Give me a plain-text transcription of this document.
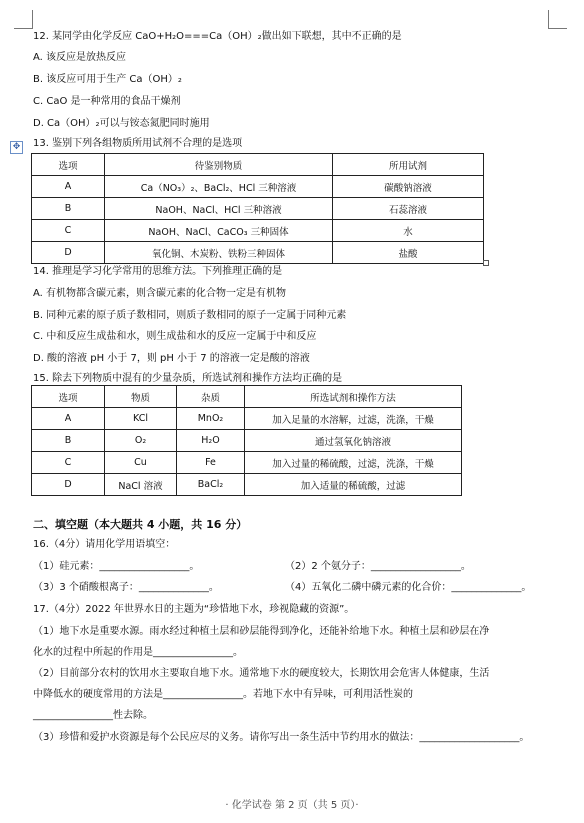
12. 某同学由化学反应 CaO+H₂O===Ca（OH）₂做出如下联想，其中不正确的是
A. 该反应是放热反应
B. 该反应可用于生产 Ca（OH）₂
C. CaO 是一种常用的食品干燥剂
D. Ca（OH）₂可以与铵态氮肥同时施用
✥ 13. 鉴别下列各组物质所用试剂不合理的是选项
选项	待鉴别物质	所用试剂
A	Ca（NO₃）₂、BaCl₂、HCl 三种溶液	碳酸钠溶液
B	NaOH、NaCl、HCl 三种溶液	石蕊溶液
C	NaOH、NaCl、CaCO₃ 三种固体	水
D	氧化铜、木炭粉、铁粉三种固体	盐酸
14. 推理是学习化学常用的思维方法。下列推理正确的是
A. 有机物都含碳元素，则含碳元素的化合物一定是有机物
B. 同种元素的原子质子数相同，则质子数相同的原子一定属于同种元素
C. 中和反应生成盐和水，则生成盐和水的反应一定属于中和反应
D. 酸的溶液 pH 小于 7，则 pH 小于 7 的溶液一定是酸的溶液
15. 除去下列物质中混有的少量杂质，所选试剂和操作方法均正确的是
选项	物质	杂质	所选试剂和操作方法
A	KCl	MnO₂	加入足量的水溶解，过滤，洗涤，干燥
B	O₂	H₂O	通过氢氧化钠溶液
C	Cu	Fe	加入过量的稀硫酸，过滤，洗涤，干燥
D	NaCl 溶液	BaCl₂	加入适量的稀硫酸，过滤
二、填空题（本大题共 4 小题，共 16 分）
16.（4分）请用化学用语填空：
（1）硅元素：__________________。	（2）2 个氨分子：__________________。
（3）3 个硝酸根离子：______________。	（4）五氧化二磷中磷元素的化合价：______________。
17.（4分）2022 年世界水日的主题为“珍惜地下水，珍视隐藏的资源”。
（1）地下水是重要水源。雨水经过种植土层和砂层能得到净化，还能补给地下水。种植土层和砂层在净
化水的过程中所起的作用是________________。
（2）目前部分农村的饮用水主要取自地下水。通常地下水的硬度较大，长期饮用会危害人体健康，生活
中降低水的硬度常用的方法是________________。若地下水中有异味，可利用活性炭的
________________性去除。
（3）珍惜和爱护水资源是每个公民应尽的义务。请你写出一条生活中节约用水的做法：____________________。
· 化学试卷 第 2 页（共 5 页）·
